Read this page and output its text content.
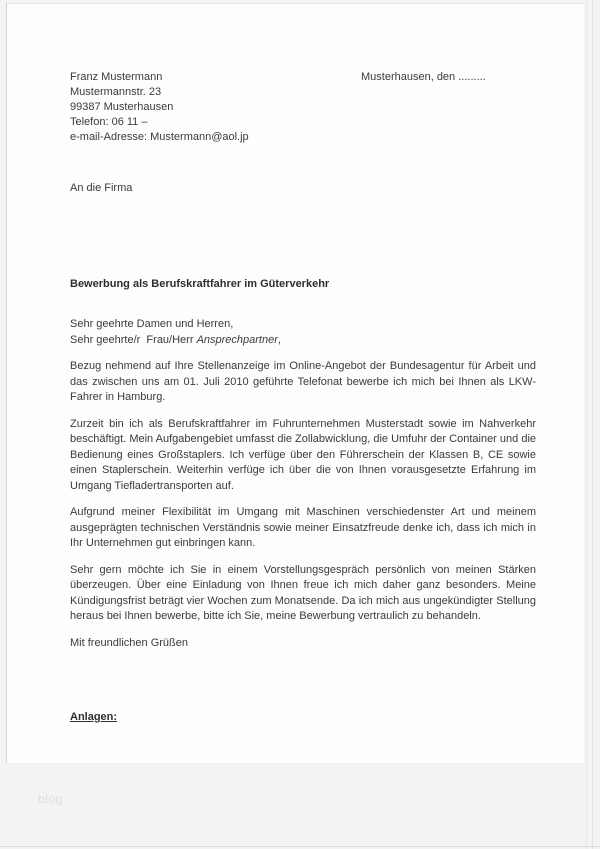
Franz Mustermann
Mustermannstr. 23
99387 Musterhausen
Telefon: 06 11 –
e-mail-Adresse: Mustermann@aol.jp
Musterhausen, den .........
An die Firma
Bewerbung als Berufskraftfahrer im Güterverkehr
Sehr geehrte Damen und Herren,
Sehr geehrte/r  Frau/Herr Ansprechpartner,

Bezug nehmend auf Ihre Stellenanzeige im Online-Angebot der Bundesagentur für Arbeit und das zwischen uns am 01. Juli 2010 geführte Telefonat bewerbe ich mich bei Ihnen als LKW-Fahrer in Hamburg.

Zurzeit bin ich als Berufskraftfahrer im Fuhrunternehmen Musterstadt sowie im Nahverkehr beschäftigt. Mein Aufgabengebiet umfasst die Zollabwicklung, die Umfuhr der Container und die Bedienung eines Großstaplers. Ich verfüge über den Führerschein der Klassen B, CE sowie einen Staplerschein. Weiterhin verfüge ich über die von Ihnen vorausgesetzte Erfahrung im Umgang Tiefladertransporten auf.

Aufgrund meiner Flexibilität im Umgang mit Maschinen verschiedenster Art und meinem ausgeprägten technischen Verständnis sowie meiner Einsatzfreude denke ich, dass ich mich in Ihr Unternehmen gut einbringen kann.

Sehr gern möchte ich Sie in einem Vorstellungsgespräch persönlich von meinen Stärken überzeugen. Über eine Einladung von Ihnen freue ich mich daher ganz besonders. Meine Kündigungsfrist beträgt vier Wochen zum Monatsende. Da ich mich aus ungekündigter Stellung heraus bei Ihnen bewerbe, bitte ich Sie, meine Bewerbung vertraulich zu behandeln.

Mit freundlichen Grüßen
Anlagen:
blog
